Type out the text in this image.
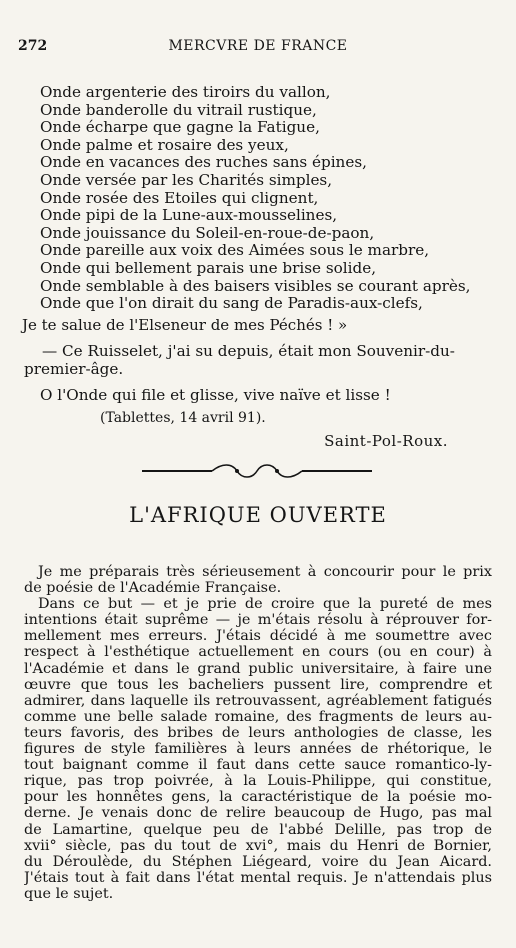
272	MERCVRE DE FRANCE
Onde argenterie des tiroirs du vallon,
Onde banderolle du vitrail rustique,
Onde écharpe que gagne la Fatigue,
Onde palme et rosaire des yeux,
Onde en vacances des ruches sans épines,
Onde versée par les Charités simples,
Onde rosée des Etoiles qui clignent,
Onde pipi de la Lune-aux-mousselines,
Onde jouissance du Soleil-en-roue-de-paon,
Onde pareille aux voix des Aimées sous le marbre,
Onde qui bellement parais une brise solide,
Onde semblable à des baisers visibles se courant après,
Onde que l'on dirait du sang de Paradis-aux-clefs,
Je te salue de l'Elseneur de mes Péchés ! »
— Ce Ruisselet, j'ai su depuis, était mon Souvenir-du-premier-âge.
O l'Onde qui file et glisse, vive naïve et lisse !
(Tablettes, 14 avril 91).
Saint-Pol-Roux.
L'AFRIQUE OUVERTE
Je me préparais très sérieusement à concourir pour le prix
de poésie de l'Académie Française.
Dans ce but — et je prie de croire que la pureté de mes
intentions était suprême — je m'étais résolu à réprouver for-
mellement mes erreurs. J'étais décidé à me soumettre avec
respect à l'esthétique actuellement en cours (ou en cour) à
l'Académie et dans le grand public universitaire, à faire une
œuvre que tous les bacheliers pussent lire, comprendre et
admirer, dans laquelle ils retrouvassent, agréablement fatigués
comme une belle salade romaine, des fragments de leurs au-
teurs favoris, des bribes de leurs anthologies de classe, les
figures de style familières à leurs années de rhétorique, le
tout baignant comme il faut dans cette sauce romantico-ly-
rique, pas trop poivrée, à la Louis-Philippe, qui constitue,
pour les honnêtes gens, la caractéristique de la poésie mo-
derne. Je venais donc de relire beaucoup de Hugo, pas mal
de Lamartine, quelque peu de l'abbé Delille, pas trop de
xvii° siècle, pas du tout de xvi°, mais du Henri de Bornier,
du Déroulède, du Stéphen Liégeard, voire du Jean Aicard.
J'étais tout à fait dans l'état mental requis. Je n'attendais plus
que le sujet.
